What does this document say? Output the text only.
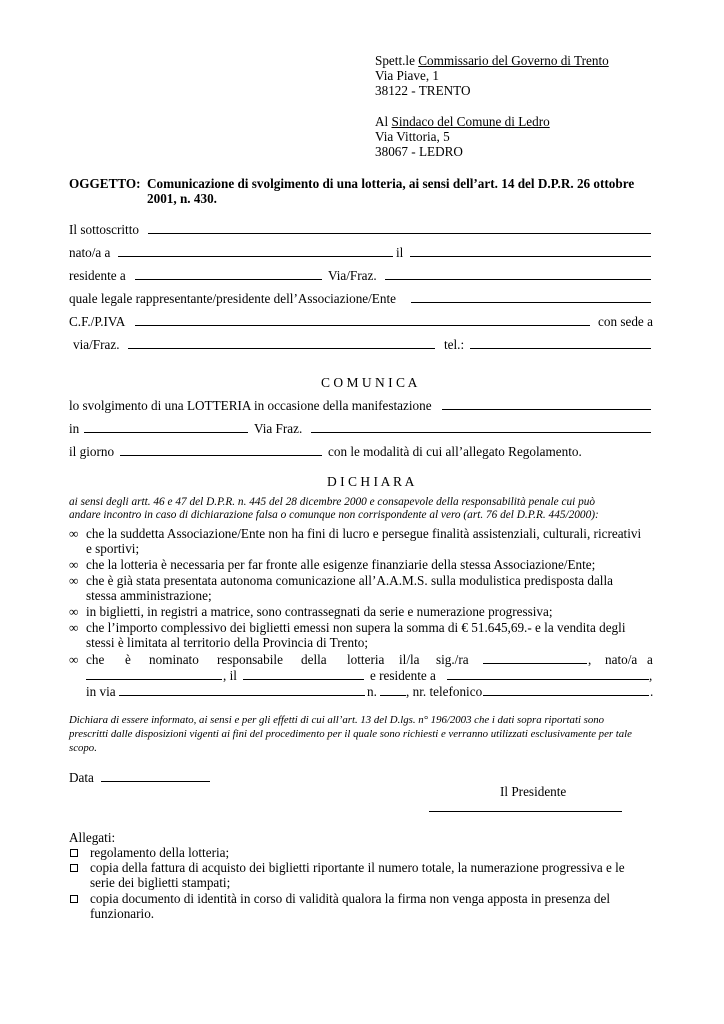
Spett.le Commissario del Governo di Trento
Via Piave, 1
38122 - TRENTO
Al Sindaco del Comune di Ledro
Via Vittoria, 5
38067 - LEDRO
OGGETTO: Comunicazione di svolgimento di una lotteria, ai sensi dell’art. 14 del D.P.R. 26 ottobre
2001, n. 430.
Il sottoscritto
nato/a a	il
residente a	Via/Fraz.
quale legale rappresentante/presidente dell’Associazione/Ente
C.F./P.IVA	con sede a
via/Fraz.	tel.:
C O M U N I C A
lo svolgimento di una LOTTERIA in occasione della manifestazione
in	Via Fraz.
il giorno	con le modalità di cui all’allegato Regolamento.
D I C H I A R A
ai sensi degli artt. 46 e 47 del D.P.R. n. 445 del 28 dicembre 2000 e consapevole della responsabilità penale cui può
andare incontro in caso di dichiarazione falsa o comunque non corrispondente al vero (art. 76 del D.P.R. 445/2000):
∞ che la suddetta Associazione/Ente non ha fini di lucro e persegue finalità assistenziali, culturali, ricreativi
e sportivi;
∞ che la lotteria è necessaria per far fronte alle esigenze finanziarie della stessa Associazione/Ente;
∞ che è già stata presentata autonoma comunicazione all’A.A.M.S. sulla modulistica predisposta dalla
stessa amministrazione;
∞ in biglietti, in registri a matrice, sono contrassegnati da serie e numerazione progressiva;
∞ che l’importo complessivo dei biglietti emessi non supera la somma di € 51.645,69.- e la vendita degli
stessi è limitata al territorio della Provincia di Trento;
∞ che è nominato responsabile della lotteria il/la sig./ra	, nato/a a
, il	e residente a	,
in via	n. , nr. telefonico	.
Dichiara di essere informato, ai sensi e per gli effetti di cui all’art. 13 del D.lgs. n° 196/2003 che i dati sopra riportati sono
prescritti dalle disposizioni vigenti ai fini del procedimento per il quale sono richiesti e verranno utilizzati esclusivamente per tale
scopo.
Data
Il Presidente
Allegati:
regolamento della lotteria;
copia della fattura di acquisto dei biglietti riportante il numero totale, la numerazione progressiva e le
serie dei biglietti stampati;
copia documento di identità in corso di validità qualora la firma non venga apposta in presenza del
funzionario.
